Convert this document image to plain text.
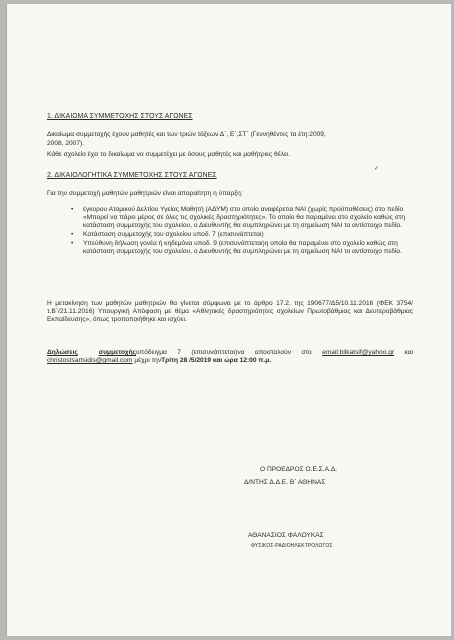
1. ΔΙΚΑΙΩΜΑ ΣΥΜΜΕΤΟΧΗΣ ΣΤΟΥΣ ΑΓΩΝΕΣ

Δικαίωμα συμμετοχής έχουν μαθητές και των τριών τάξεων Δ΄, Ε΄,ΣΤ΄ (Γεννηθέντες τα έτη:2009,

2008, 2007).

Κάθε σχολείο έχει το δικαίωμα να συμμετέχει με όσους μαθητές και μαθήτριες θέλει.

✓

2. ΔΙΚΑΙΟΛΟΓΗΤΙΚΑ ΣΥΜΜΕΤΟΧΗΣ ΣΤΟΥΣ ΑΓΩΝΕΣ

Για την συμμετοχή μαθητών μαθητριών είναι απαραίτητη η ύπαρξη:

• έγκυρου Ατομικού Δελτίου Υγείας Μαθητή (ΑΔΥΜ) στο οποίο αναφέρεται ΝΑΙ (χωρίς προϋποθέσεις) στο πεδίο «Μπορεί να πάρει μέρος σε όλες τις σχολικές δραστηριότητες». Το οποίο θα παραμένει στο σχολείο καθώς στη κατάσταση συμμετοχής του σχολείου, ο Διευθυντής θα συμπληρώνει με τη σημείωση ΝΑΙ το αντίστοιχο πεδίο.
• Κατάσταση συμμετοχής του σχολείου υποδ. 7 (επισυνάπτεται)
• Υπεύθυνη δήλωση γονέα ή κηδεμόνα υποδ. 9 (επισυνάπτεται)η οποία θα παραμένει στο σχολείο καθώς στη κατάσταση συμμετοχής του σχολείου, ο Διευθυντής θα συμπληρώνει με τη σημείωση ΝΑΙ το αντίστοιχο πεδίο.

Η μετακίνηση των μαθητών μαθητριών θα γίνεται σύμφωνα με το άρθρο 17.2. της 190677/Δ5/10.11.2016 (ΦΕΚ 3754/τ.Β΄/21.11.2016) Υπουργική Απόφαση με θέμα «Αθλητικές δραστηριότητες σχολείων Πρωτοβάθμιας και Δευτεροβάθμιας Εκπαίδευσης», όπως τροποποιήθηκε και ισχύει.

Δηλώσεις	συμμετοχήςυπόδειγμα 7 (επισυνάπτεται)να αποσταλούν στο email:bilkatsif@yahoo.gr και christostsartsidis@gmail.com μέχρι τηνΤρίτη 28 /5/2019 και ώρα 12:00 π.μ.

Ο ΠΡΟΕΔΡΟΣ Ο.Ε.Σ.Α.Δ.

Δ/ΝΤΗΣ Δ.Δ.Ε. Β΄ ΑΘΗΝΑΣ

ΑΘΑΝΑΣΙΟΣ ΦΑΛΟΥΚΑΣ

ΦΥΣΙΚΟΣ-ΡΑΔΙΟΗΛΕΚΤΡΟΛΟΓΟΣ
